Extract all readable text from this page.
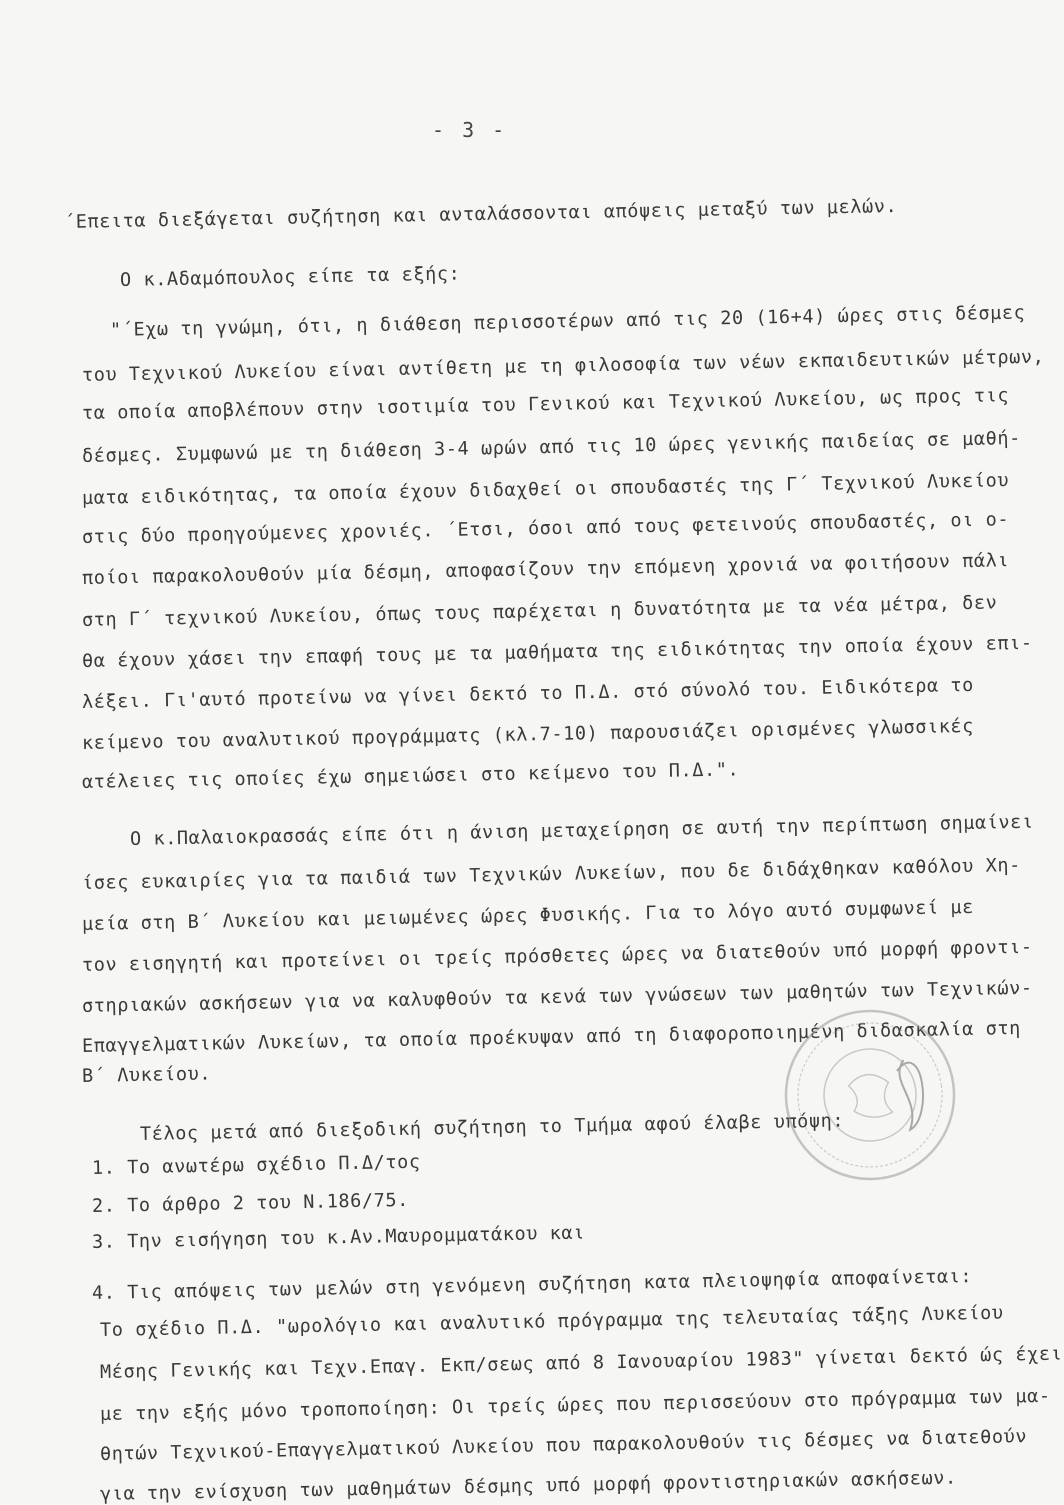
- 3 -
΄Επειτα διεξάγεται συζήτηση και ανταλάσσονται απόψεις μεταξύ των μελών.
Ο κ.Αδαμόπουλος είπε τα εξής:
"΄Εχω τη γνώμη, ότι, η διάθεση περισσοτέρων από τις 20 (16+4) ώρες στις δέσμες
του Τεχνικού Λυκείου είναι αντίθετη με τη φιλοσοφία των νέων εκπαιδευτικών μέτρων,
τα οποία αποβλέπουν στην ισοτιμία του Γενικού και Τεχνικού Λυκείου, ως προς τις
δέσμες. Συμφωνώ με τη διάθεση 3-4 ωρών από τις 10 ώρες γενικής παιδείας σε μαθή-
ματα ειδικότητας, τα οποία έχουν διδαχθεί οι σπουδαστές της Γ΄ Τεχνικού Λυκείου
στις δύο προηγούμενες χρονιές. ΄Ετσι, όσοι από τους φετεινούς σπουδαστές, οι ο-
ποίοι παρακολουθούν μία δέσμη, αποφασίζουν την επόμενη χρονιά να φοιτήσουν πάλι
στη Γ΄ τεχνικού Λυκείου, όπως τους παρέχεται η δυνατότητα με τα νέα μέτρα, δεν
θα έχουν χάσει την επαφή τους με τα μαθήματα της ειδικότητας την οποία έχουν επι-
λέξει. Γι'αυτό προτείνω να γίνει δεκτό το Π.Δ. στό σύνολό του. Ειδικότερα το
κείμενο του αναλυτικού προγράμματς (κλ.7-10) παρουσιάζει ορισμένες γλωσσικές
ατέλειες τις οποίες έχω σημειώσει στο κείμενο του Π.Δ.".
Ο κ.Παλαιοκρασσάς είπε ότι η άνιση μεταχείρηση σε αυτή την περίπτωση σημαίνει
ίσες ευκαιρίες για τα παιδιά των Τεχνικών Λυκείων, που δε διδάχθηκαν καθόλου Χη-
μεία στη Β΄ Λυκείου και μειωμένες ώρες Φυσικής. Για το λόγο αυτό συμφωνεί με
τον εισηγητή και προτείνει οι τρείς πρόσθετες ώρες να διατεθούν υπό μορφή φροντι-
στηριακών ασκήσεων για να καλυφθούν τα κενά των γνώσεων των μαθητών των Τεχνικών-
Επαγγελματικών Λυκείων, τα οποία προέκυψαν από τη διαφοροποιημένη διδασκαλία στη
Β΄ Λυκείου.
Τέλος μετά από διεξοδική συζήτηση το Τμήμα αφού έλαβε υπόψη:
1. Το ανωτέρω σχέδιο Π.Δ/τος
2. Το άρθρο 2 του Ν.186/75.
3. Την εισήγηση του κ.Αν.Μαυρομματάκου και
4. Τις απόψεις των μελών στη γενόμενη συζήτηση κατα πλειοψηφία αποφαίνεται:
Το σχέδιο Π.Δ. "ωρολόγιο και αναλυτικό πρόγραμμα της τελευταίας τάξης Λυκείου
Μέσης Γενικής και Τεχν.Επαγ. Εκπ/σεως από 8 Ιανουαρίου 1983" γίνεται δεκτό ώς έχει
με την εξής μόνο τροποποίηση: Οι τρείς ώρες που περισσεύουν στο πρόγραμμα των μα-
θητών Τεχνικού-Επαγγελματικού Λυκείου που παρακολουθούν τις δέσμες να διατεθούν
για την ενίσχυση των μαθημάτων δέσμης υπό μορφή φροντιστηριακών ασκήσεων.
